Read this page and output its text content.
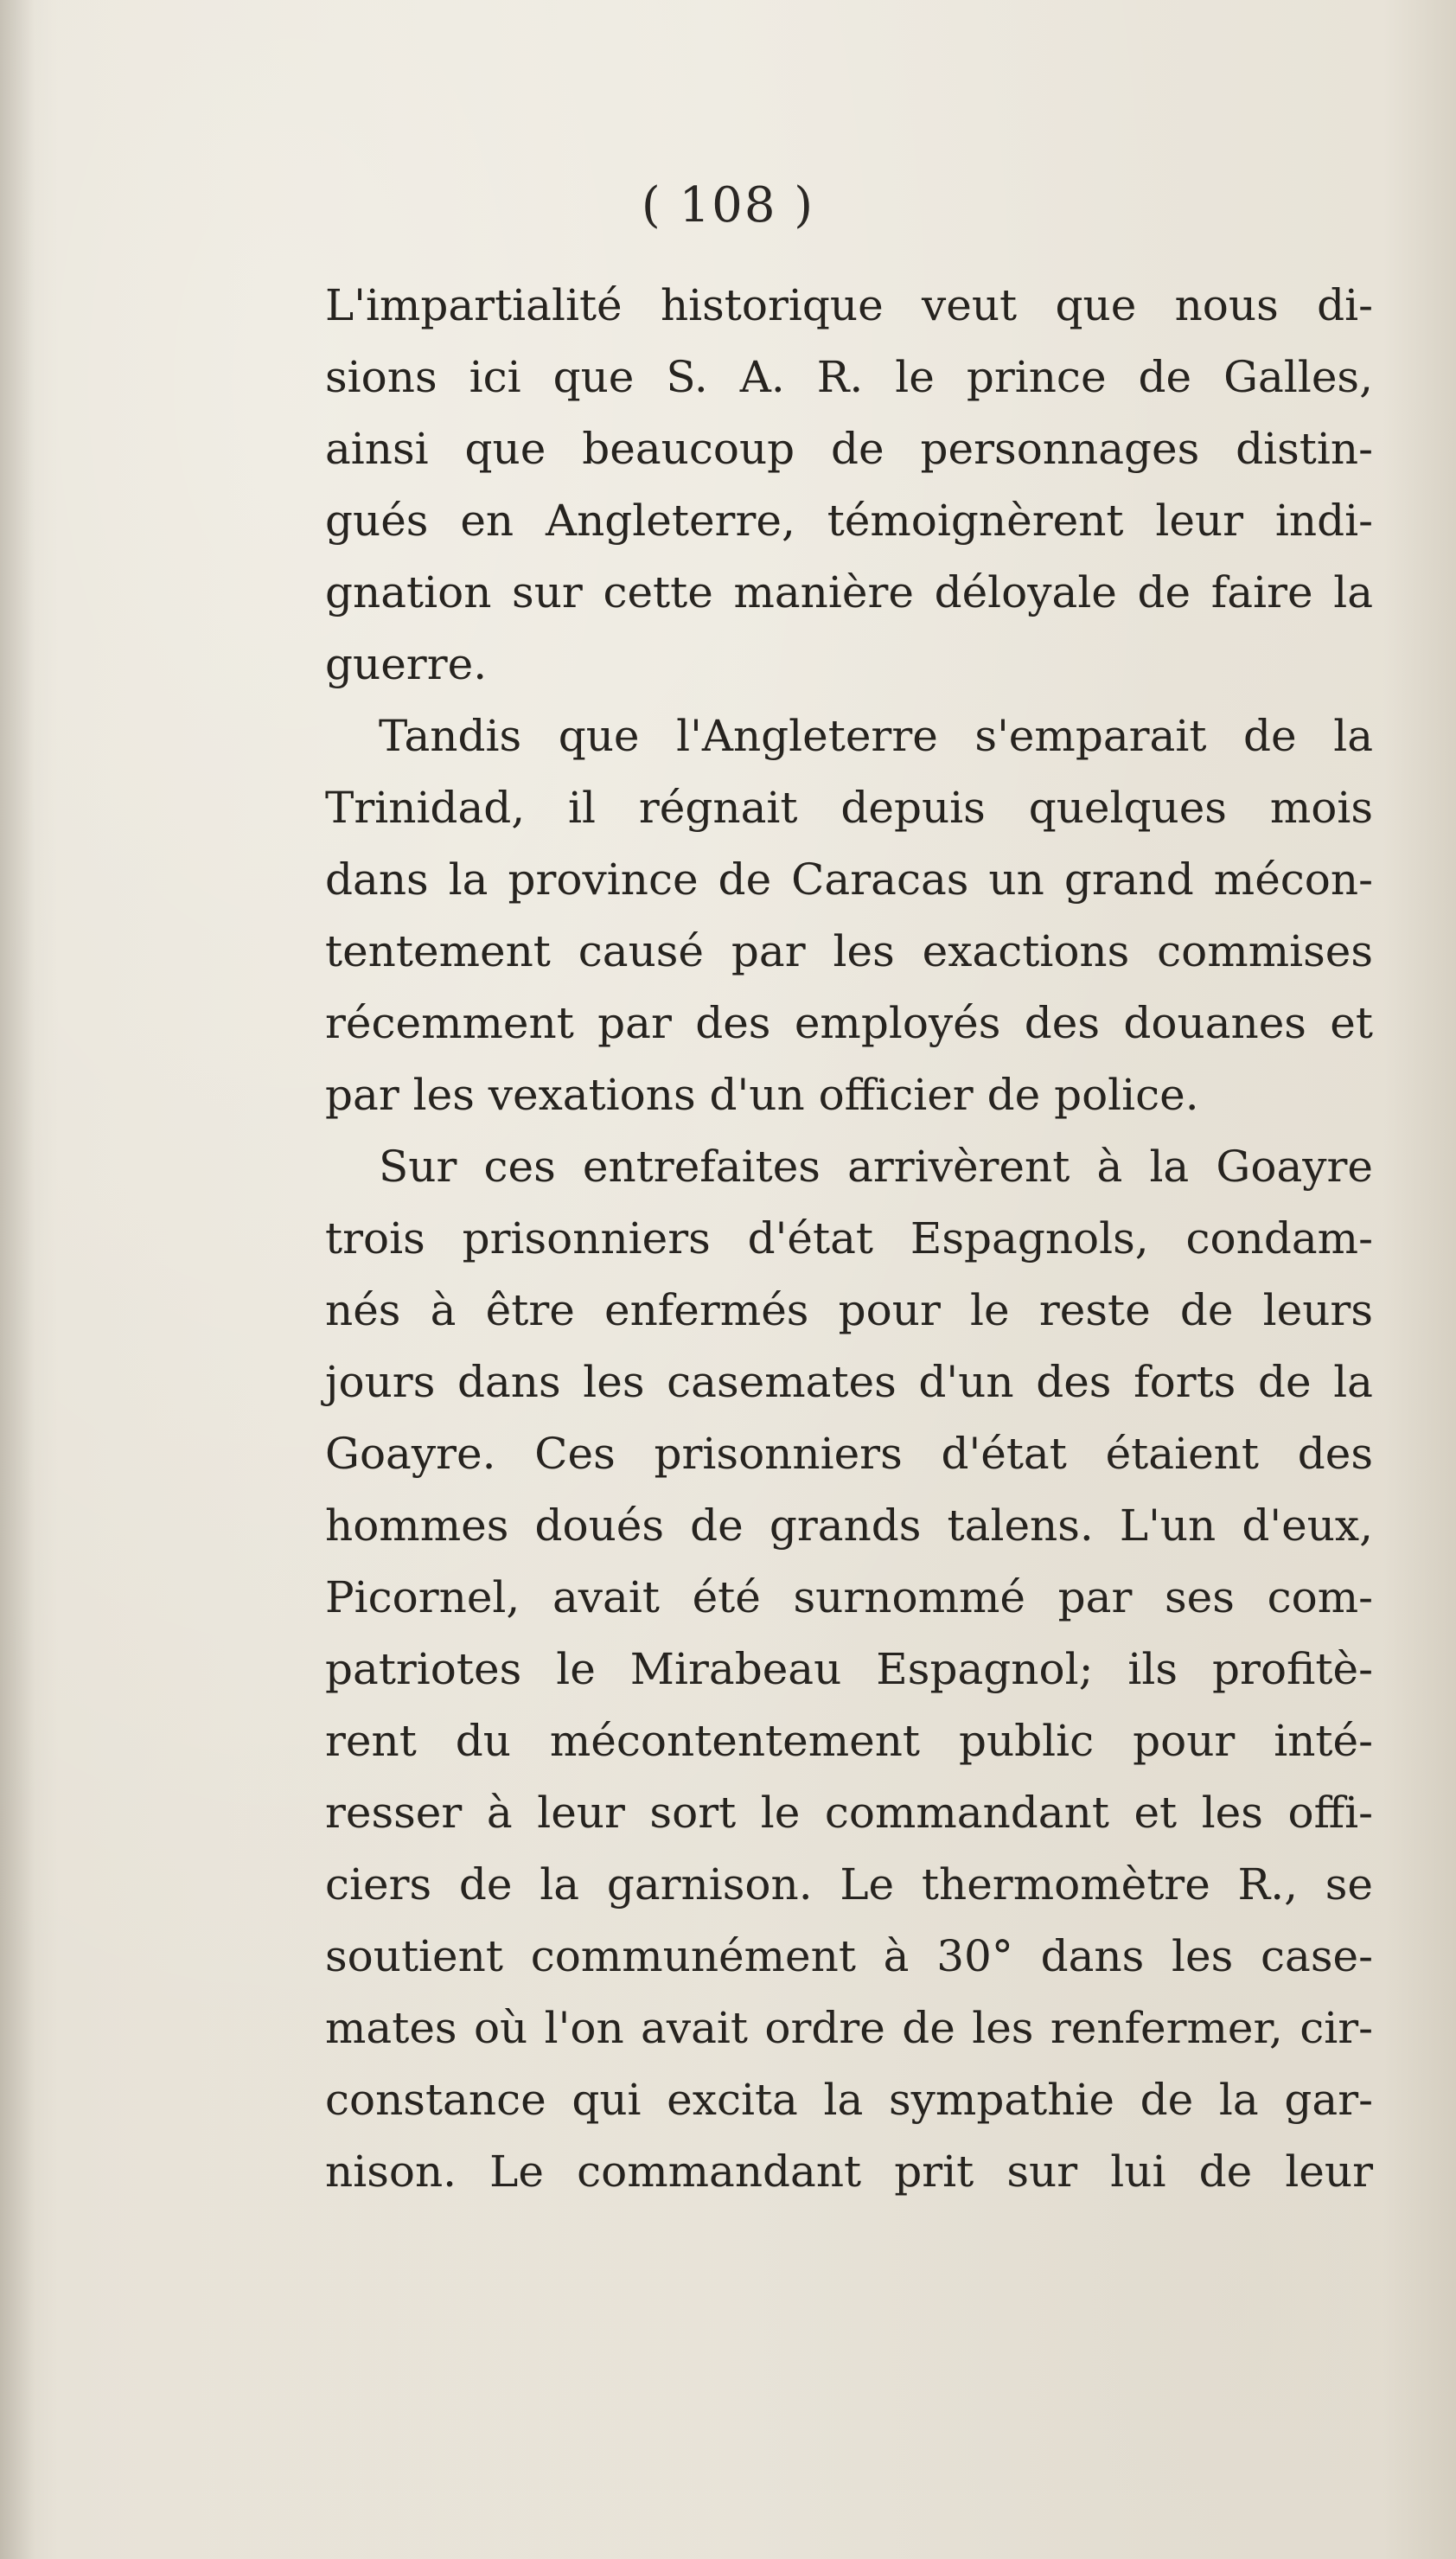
( 108 )
L'impartialité historique veut que nous di-
sions ici que S. A. R. le prince de Galles,
ainsi que beaucoup de personnages distin-
gués en Angleterre, témoignèrent leur indi-
gnation sur cette manière déloyale de faire la
guerre.
Tandis que l'Angleterre s'emparait de la
Trinidad, il régnait depuis quelques mois
dans la province de Caracas un grand mécon-
tentement causé par les exactions commises
récemment par des employés des douanes et
par les vexations d'un officier de police.
Sur ces entrefaites arrivèrent à la Goayre
trois prisonniers d'état Espagnols, condam-
nés à être enfermés pour le reste de leurs
jours dans les casemates d'un des forts de la
Goayre. Ces prisonniers d'état étaient des
hommes doués de grands talens. L'un d'eux,
Picornel, avait été surnommé par ses com-
patriotes le Mirabeau Espagnol; ils profitè-
rent du mécontentement public pour inté-
resser à leur sort le commandant et les offi-
ciers de la garnison. Le thermomètre R., se
soutient communément à 30° dans les case-
mates où l'on avait ordre de les renfermer, cir-
constance qui excita la sympathie de la gar-
nison. Le commandant prit sur lui de leur
